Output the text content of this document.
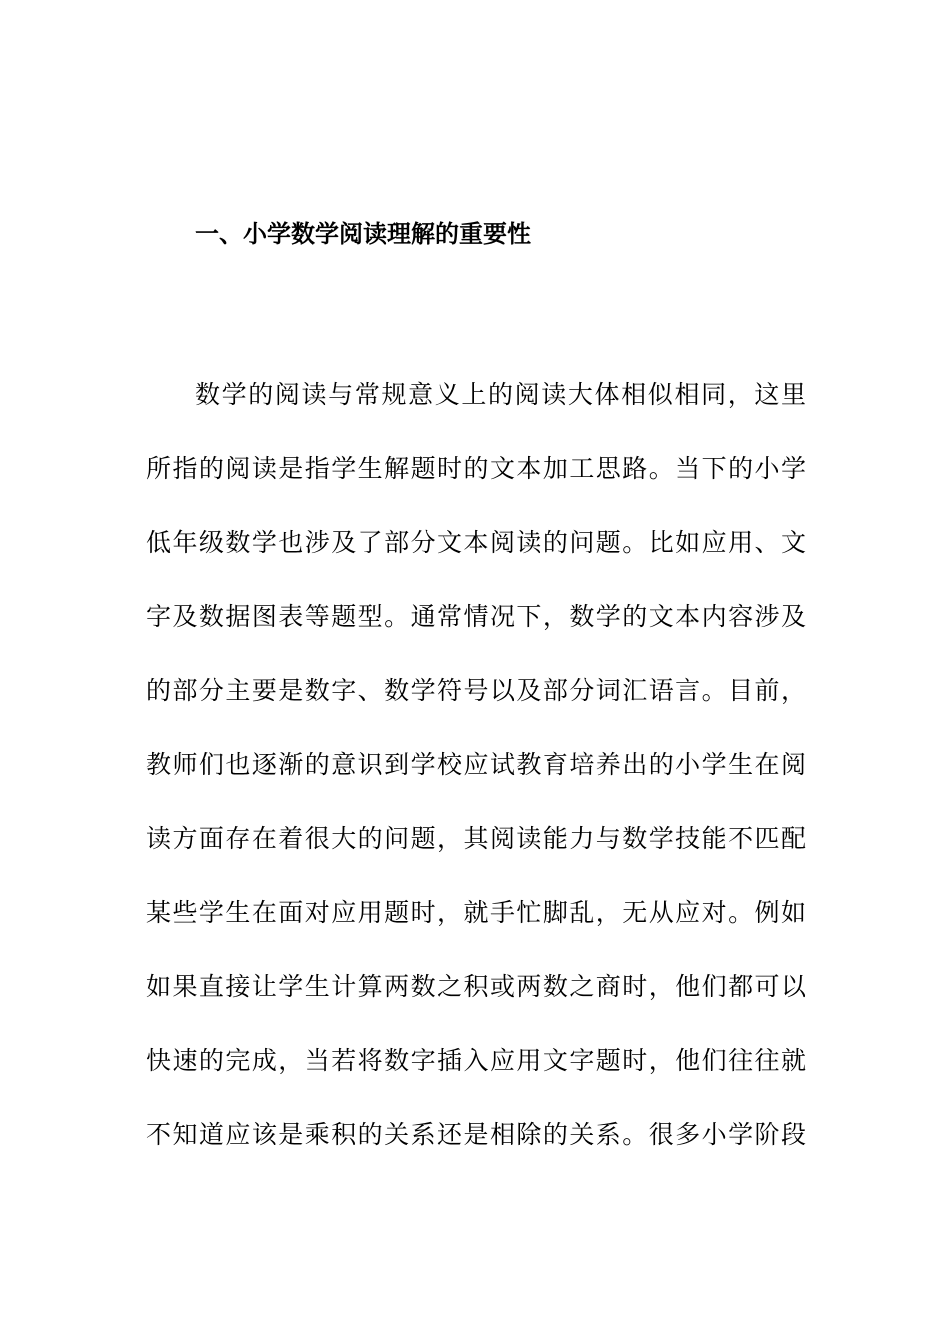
一、小学数学阅读理解的重要性

数学的阅读与常规意义上的阅读大体相似相同，这里

所指的阅读是指学生解题时的文本加工思路。当下的小学

低年级数学也涉及了部分文本阅读的问题。比如应用、文

字及数据图表等题型。通常情况下，数学的文本内容涉及

的部分主要是数字、数学符号以及部分词汇语言。目前，

教师们也逐渐的意识到学校应试教育培养出的小学生在阅

读方面存在着很大的问题，其阅读能力与数学技能不匹配

某些学生在面对应用题时，就手忙脚乱，无从应对。例如

如果直接让学生计算两数之积或两数之商时，他们都可以

快速的完成，当若将数字插入应用文字题时，他们往往就

不知道应该是乘积的关系还是相除的关系。很多小学阶段
